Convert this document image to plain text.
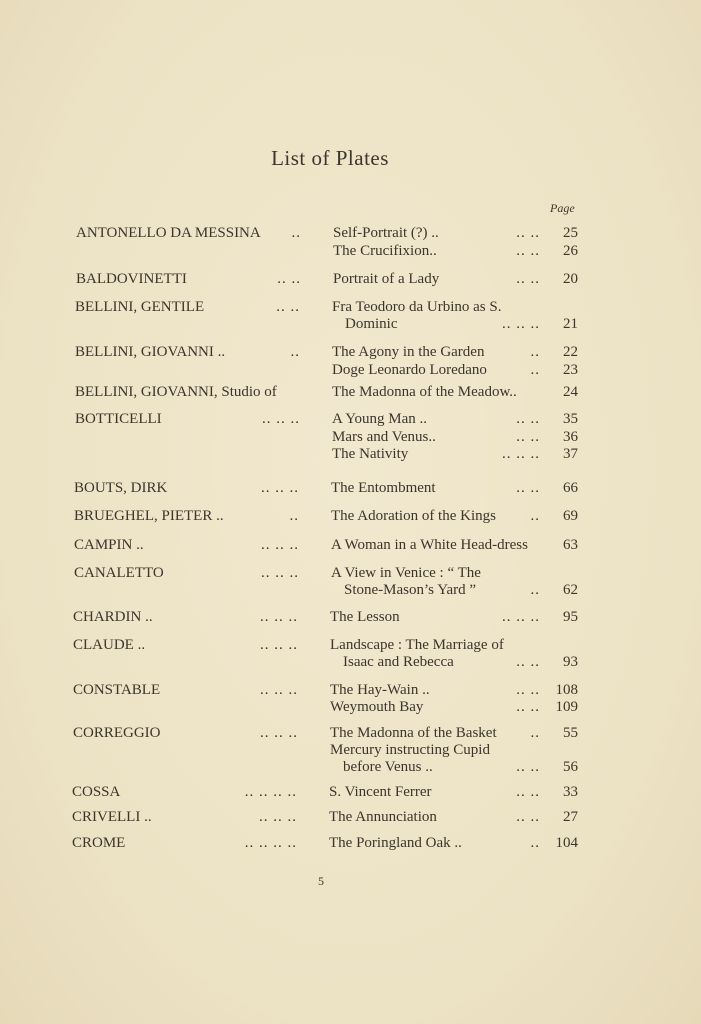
List of Plates
Page
ANTONELLO DA MESSINA .. Self-Portrait (?) ..	.. ..	25
The Crucifixion..	.. ..	26
BALDOVINETTI	.. .. Portrait of a Lady	.. ..	20
BELLINI, GENTILE	.. .. Fra Teodoro da Urbino as S.
Dominic	.. .. ..	21
BELLINI, GIOVANNI ..	.. The Agony in the Garden	..	22
Doge Leonardo Loredano	..	23
BELLINI, GIOVANNI, Studio of	The Madonna of the Meadow..	24
BOTTICELLI	.. .. .. A Young Man ..	.. ..	35
Mars and Venus..	.. ..	36
The Nativity	.. .. ..	37
BOUTS, DIRK	.. .. .. The Entombment	.. ..	66
BRUEGHEL, PIETER ..	.. The Adoration of the Kings ..	69
CAMPIN ..	.. .. .. A Woman in a White Head-dress	63
CANALETTO	.. .. .. A View in Venice : “ The
Stone-Mason’s Yard ”	..	62
CHARDIN ..	.. .. .. The Lesson	.. .. ..	95
CLAUDE ..	.. .. .. Landscape : The Marriage of
Isaac and Rebecca	.. ..	93
CONSTABLE	.. .. .. The Hay-Wain ..	.. ..	108
Weymouth Bay	.. ..	109
CORREGGIO	.. .. .. The Madonna of the Basket ..	55
Mercury instructing Cupid
before Venus ..	.. ..	56
COSSA	.. .. .. .. S. Vincent Ferrer	.. ..	33
CRIVELLI ..	.. .. .. The Annunciation	.. ..	27
CROME	.. .. .. .. The Poringland Oak ..	..	104
5
